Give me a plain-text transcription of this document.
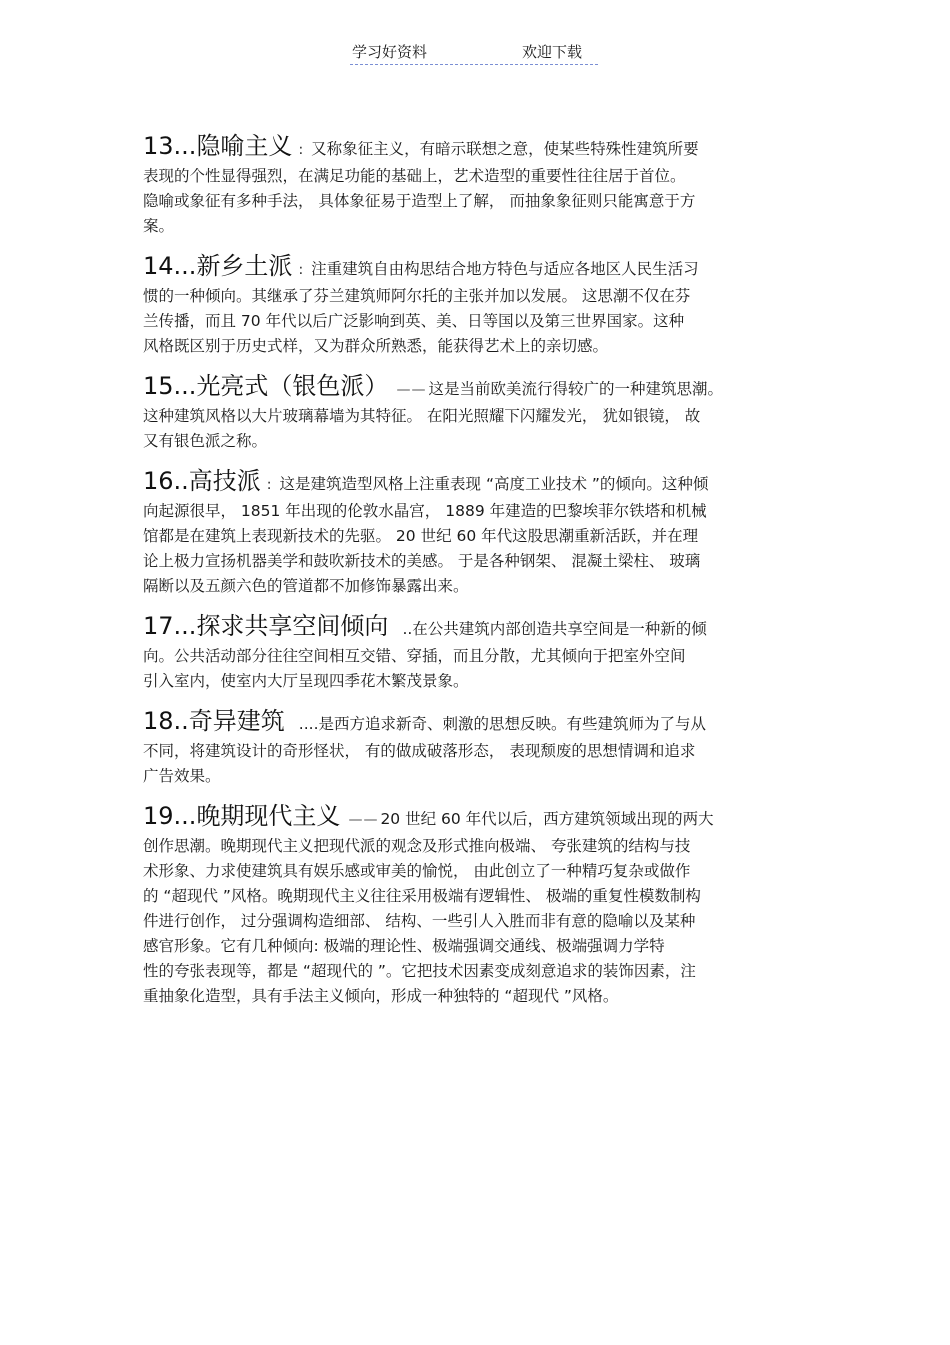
学习好资料	欢迎下载
13... 隐喻主义 : 又称象征主义，有暗示联想之意，使某些特殊性建筑所要
表现的个性显得强烈，在满足功能的基础上，艺术造型的重要性往往居于首位。
隐喻或象征有多种手法， 具体象征易于造型上了解， 而抽象象征则只能寓意于方
案。
14... 新乡土派 : 注重建筑自由构思结合地方特色与适应各地区人民生活习
惯的一种倾向。其继承了芬兰建筑师阿尔托的主张并加以发展。 这思潮不仅在芬
兰传播，而且 70 年代以后广泛影响到英、美、日等国以及第三世界国家。这种
风格既区别于历史式样，又为群众所熟悉，能获得艺术上的亲切感。
15... 光亮式（银色派） —— 这是当前欧美流行得较广的一种建筑思潮。
这种建筑风格以大片玻璃幕墙为其特征。 在阳光照耀下闪耀发光， 犹如银镜， 故
又有银色派之称。
16.. 高技派 : 这是建筑造型风格上注重表现 “高度工业技术 ”的倾向。这种倾
向起源很早， 1851 年出现的伦敦水晶宫， 1889 年建造的巴黎埃菲尔铁塔和机械
馆都是在建筑上表现新技术的先驱。 20 世纪 60 年代这股思潮重新活跃，并在理
论上极力宣扬机器美学和鼓吹新技术的美感。 于是各种钢架、 混凝土梁柱、 玻璃
隔断以及五颜六色的管道都不加修饰暴露出来。
17... 探求共享空间倾向 ..在公共建筑内部创造共享空间是一种新的倾
向。公共活动部分往往空间相互交错、穿插，而且分散，尤其倾向于把室外空间
引入室内，使室内大厅呈现四季花木繁茂景象。
18.. 奇异建筑 ....是西方追求新奇、刺激的思想反映。有些建筑师为了与从
不同，将建筑设计的奇形怪状， 有的做成破落形态， 表现颓废的思想情调和追求
广告效果。
19... 晚期现代主义 —— 20 世纪 60 年代以后，西方建筑领域出现的两大
创作思潮。晚期现代主义把现代派的观念及形式推向极端、 夸张建筑的结构与技
术形象、力求使建筑具有娱乐感或审美的愉悦， 由此创立了一种精巧复杂或做作
的 “超现代 ”风格。晚期现代主义往往采用极端有逻辑性、 极端的重复性模数制构
件进行创作， 过分强调构造细部、 结构、一些引人入胜而非有意的隐喻以及某种
感官形象。它有几种倾向: 极端的理论性、极端强调交通线、极端强调力学特
性的夸张表现等，都是 “超现代的 ”。它把技术因素变成刻意追求的装饰因素，注
重抽象化造型，具有手法主义倾向，形成一种独特的 “超现代 ”风格。
